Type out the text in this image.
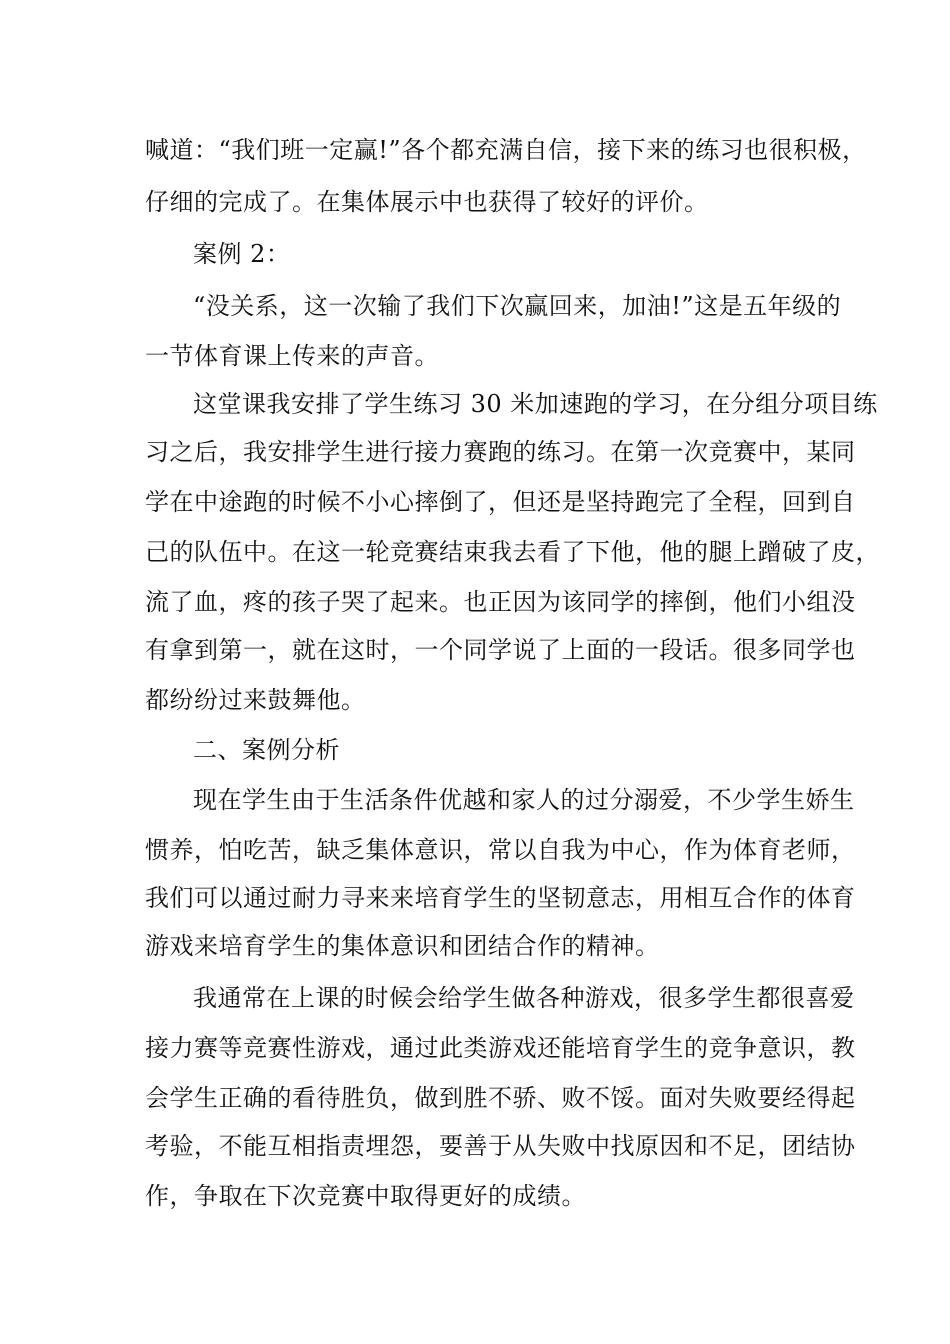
喊道：“我们班一定赢!”各个都充满自信，接下来的练习也很积极，
仔细的完成了。在集体展示中也获得了较好的评价。
案例 2：
“没关系，这一次输了我们下次赢回来，加油!”这是五年级的
一节体育课上传来的声音。
这堂课我安排了学生练习 30 米加速跑的学习，在分组分项目练
习之后，我安排学生进行接力赛跑的练习。在第一次竞赛中，某同
学在中途跑的时候不小心摔倒了，但还是坚持跑完了全程，回到自
己的队伍中。在这一轮竞赛结束我去看了下他，他的腿上蹭破了皮，
流了血，疼的孩子哭了起来。也正因为该同学的摔倒，他们小组没
有拿到第一，就在这时，一个同学说了上面的一段话。很多同学也
都纷纷过来鼓舞他。
二、案例分析
现在学生由于生活条件优越和家人的过分溺爱，不少学生娇生
惯养，怕吃苦，缺乏集体意识，常以自我为中心，作为体育老师，
我们可以通过耐力寻来来培育学生的坚韧意志，用相互合作的体育
游戏来培育学生的集体意识和团结合作的精神。
我通常在上课的时候会给学生做各种游戏，很多学生都很喜爱
接力赛等竞赛性游戏，通过此类游戏还能培育学生的竞争意识，教
会学生正确的看待胜负，做到胜不骄、败不馁。面对失败要经得起
考验，不能互相指责埋怨，要善于从失败中找原因和不足，团结协
作，争取在下次竞赛中取得更好的成绩。
